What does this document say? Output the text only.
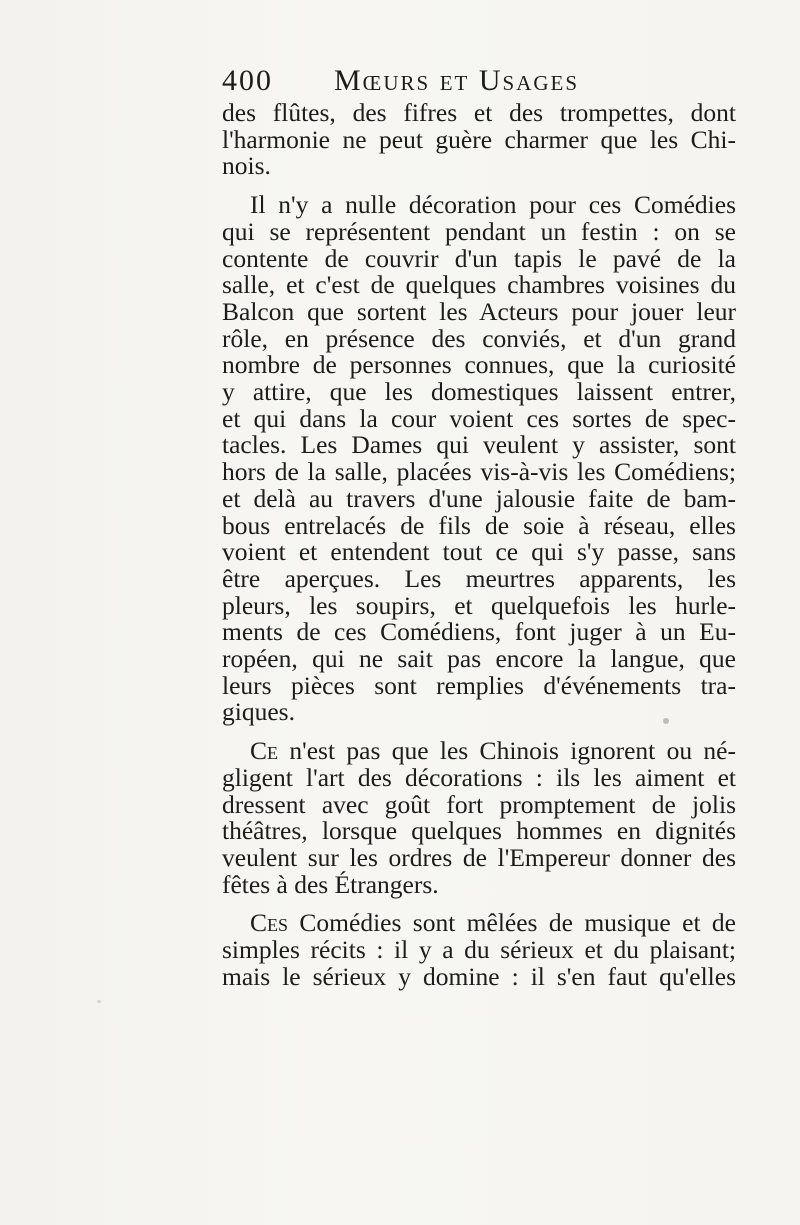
400	Mœurs et Usages

des flûtes, des fifres et des trompettes, dont
l'harmonie ne peut guère charmer que les Chi-
nois.

Il n'y a nulle décoration pour ces Comédies
qui se représentent pendant un festin : on se
contente de couvrir d'un tapis le pavé de la
salle, et c'est de quelques chambres voisines du
Balcon que sortent les Acteurs pour jouer leur
rôle, en présence des conviés, et d'un grand
nombre de personnes connues, que la curiosité
y attire, que les domestiques laissent entrer,
et qui dans la cour voient ces sortes de spec-
tacles. Les Dames qui veulent y assister, sont
hors de la salle, placées vis-à-vis les Comédiens;
et delà au travers d'une jalousie faite de bam-
bous entrelacés de fils de soie à réseau, elles
voient et entendent tout ce qui s'y passe, sans
être aperçues. Les meurtres apparents, les
pleurs, les soupirs, et quelquefois les hurle-
ments de ces Comédiens, font juger à un Eu-
ropéen, qui ne sait pas encore la langue, que
leurs pièces sont remplies d'événements tra-
giques.

Ce n'est pas que les Chinois ignorent ou né-
gligent l'art des décorations : ils les aiment et
dressent avec goût fort promptement de jolis
théâtres, lorsque quelques hommes en dignités
veulent sur les ordres de l'Empereur donner des
fêtes à des Étrangers.

Ces Comédies sont mêlées de musique et de
simples récits : il y a du sérieux et du plaisant;
mais le sérieux y domine : il s'en faut qu'elles
